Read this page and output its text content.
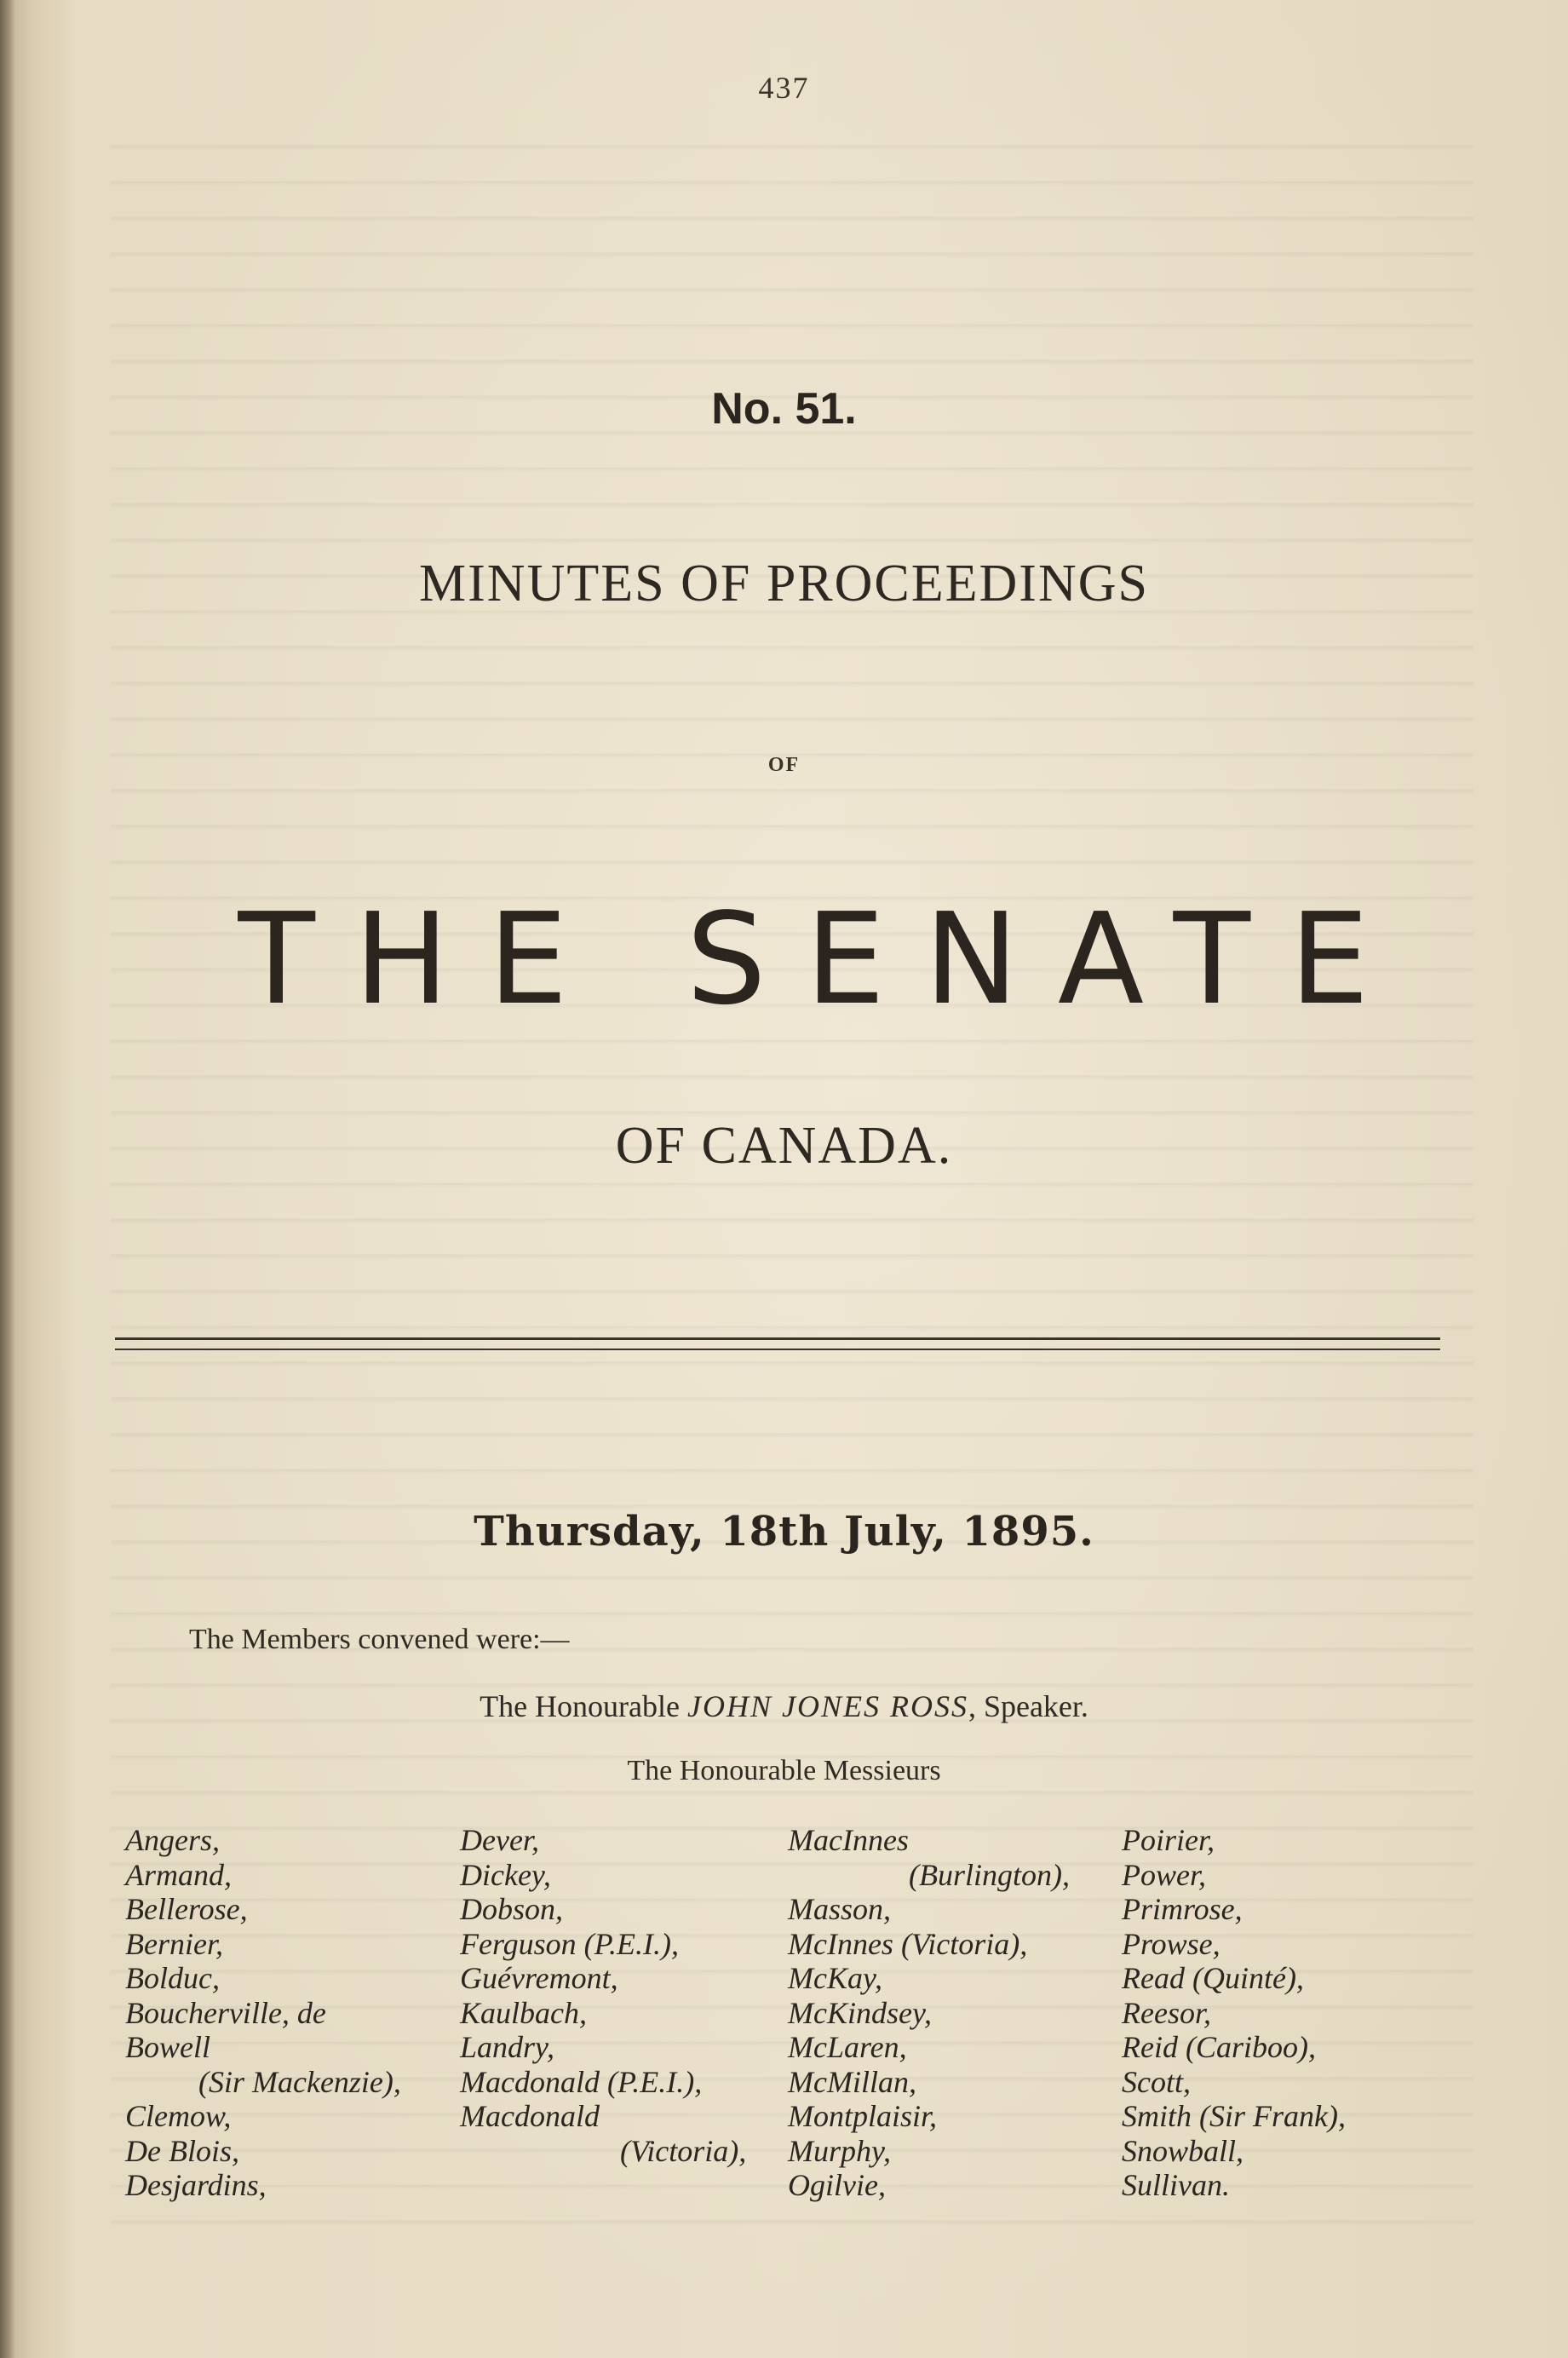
437
No. 51.
MINUTES OF PROCEEDINGS
OF
THE SENATE
OF CANADA.
Thursday, 18th July, 1895.
The Members convened were:—
The Honourable JOHN JONES ROSS, Speaker.
The Honourable Messieurs
Angers,
Armand,
Bellerose,
Bernier,
Bolduc,
Boucherville, de
Bowell
(Sir Mackenzie),
Clemow,
De Blois,
Desjardins,
Dever,
Dickey,
Dobson,
Ferguson (P.E.I.),
Guévremont,
Kaulbach,
Landry,
Macdonald (P.E.I.),
Macdonald
(Victoria),
MacInnes
(Burlington),
Masson,
McInnes (Victoria),
McKay,
McKindsey,
McLaren,
McMillan,
Montplaisir,
Murphy,
Ogilvie,
Poirier,
Power,
Primrose,
Prowse,
Read (Quinté),
Reesor,
Reid (Cariboo),
Scott,
Smith (Sir Frank),
Snowball,
Sullivan.
